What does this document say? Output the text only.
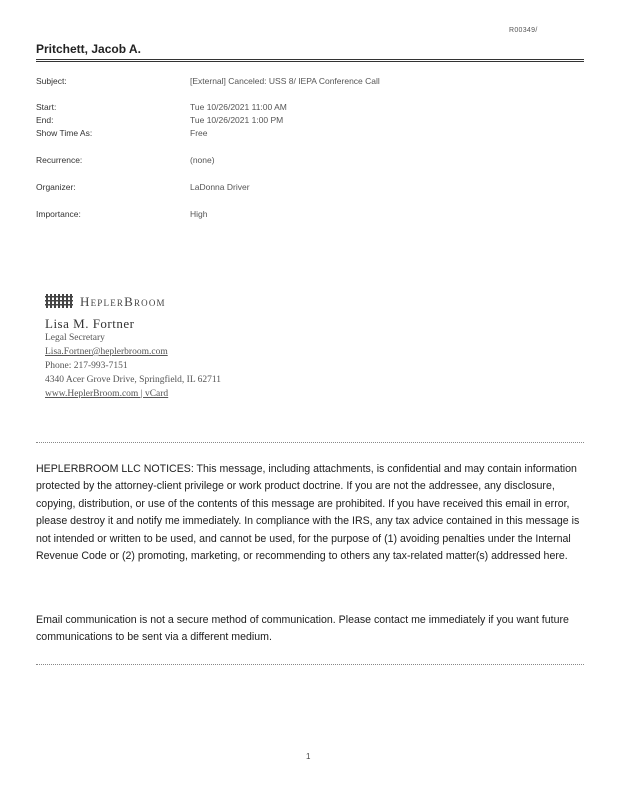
R00349/
Pritchett, Jacob A.
Subject:	[External] Canceled: USS 8/ IEPA Conference Call
Start:	Tue 10/26/2021 11:00 AM
End:	Tue 10/26/2021 1:00 PM
Show Time As:	Free
Recurrence:	(none)
Organizer:	LaDonna Driver
Importance:	High
HeplerBroom
Lisa M. Fortner
Legal Secretary
Lisa.Fortner@heplerbroom.com
Phone: 217-993-7151
4340 Acer Grove Drive, Springfield, IL 62711
www.HeplerBroom.com | vCard
HEPLERBROOM LLC NOTICES: This message, including attachments, is confidential and may contain information protected by the attorney-client privilege or work product doctrine. If you are not the addressee, any disclosure, copying, distribution, or use of the contents of this message are prohibited. If you have received this email in error, please destroy it and notify me immediately. In compliance with the IRS, any tax advice contained in this message is not intended or written to be used, and cannot be used, for the purpose of (1) avoiding penalties under the Internal Revenue Code or (2) promoting, marketing, or recommending to others any tax-related matter(s) addressed here.
Email communication is not a secure method of communication. Please contact me immediately if you want future communications to be sent via a different medium.
1
